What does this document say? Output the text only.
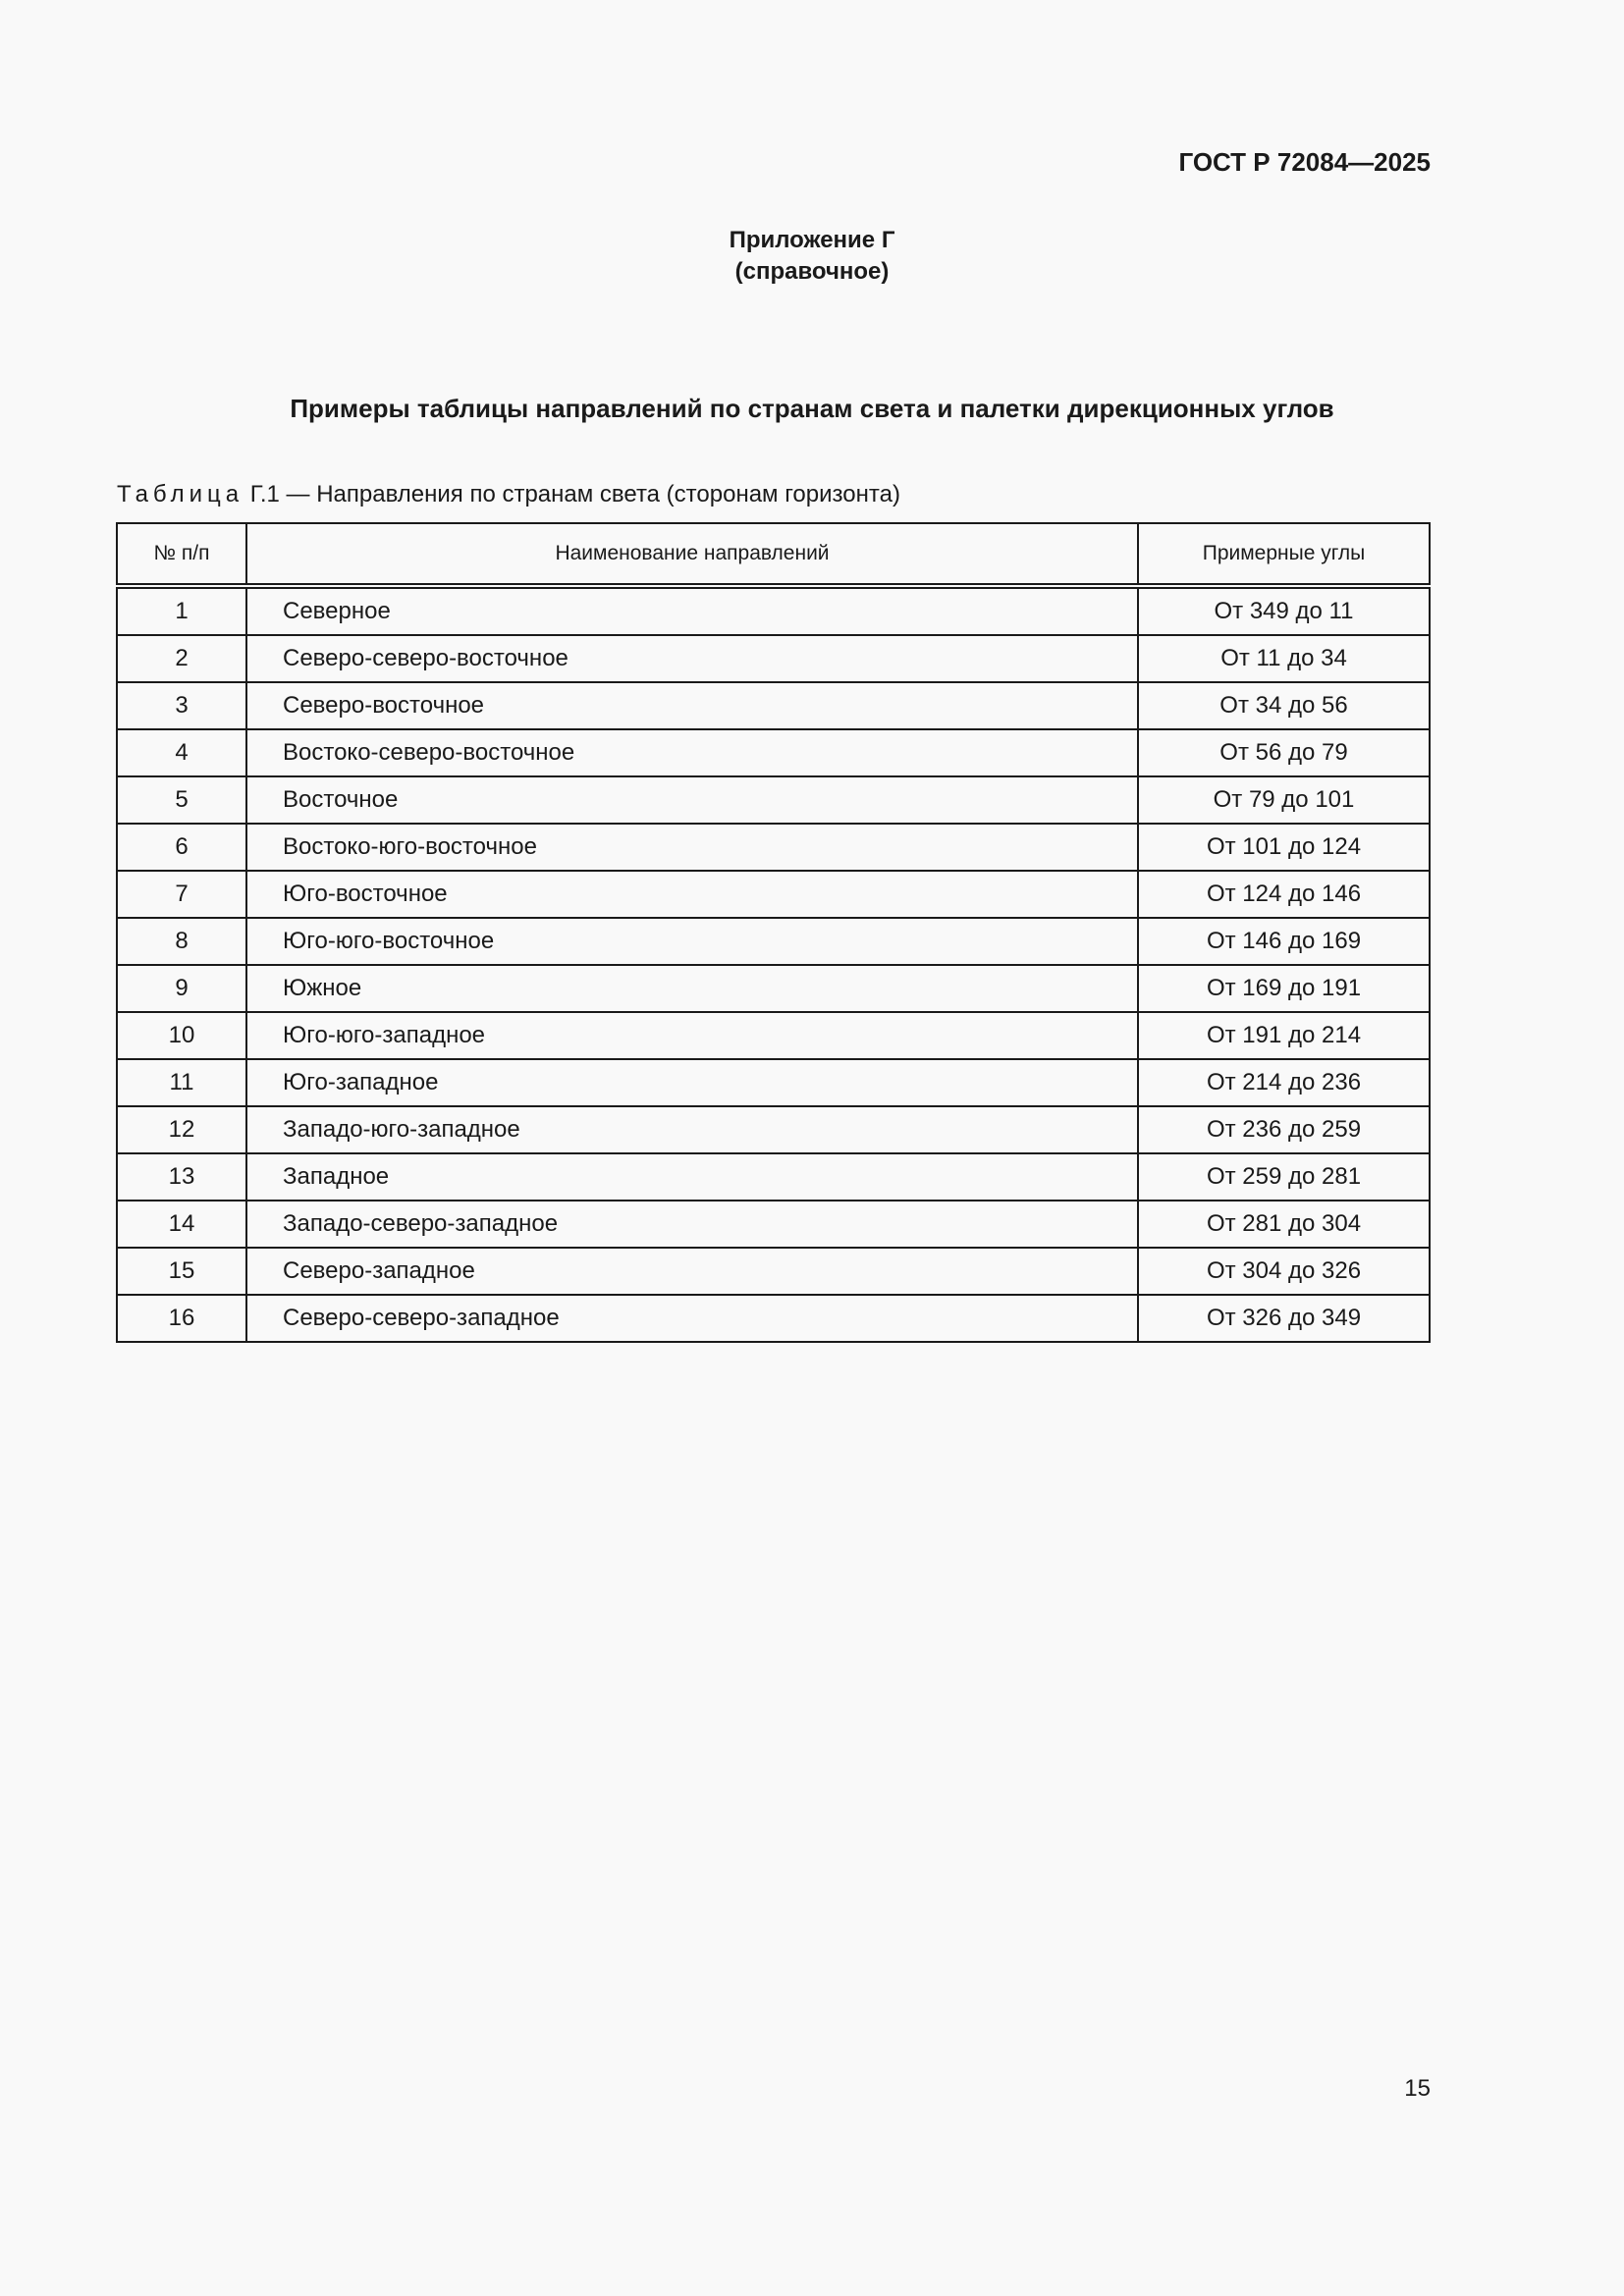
ГОСТ Р 72084—2025

Приложение Г

(справочное)

Примеры таблицы направлений по странам света и палетки дирекционных углов

Таблица Г.1 — Направления по странам света (сторонам горизонта)

№ п/п	Наименование направлений	Примерные углы
1	Северное	От 349 до 11
2	Северо-северо-восточное	От 11 до 34
3	Северо-восточное	От 34 до 56
4	Востоко-северо-восточное	От 56 до 79
5	Восточное	От 79 до 101
6	Востоко-юго-восточное	От 101 до 124
7	Юго-восточное	От 124 до 146
8	Юго-юго-восточное	От 146 до 169
9	Южное	От 169 до 191
10	Юго-юго-западное	От 191 до 214
11	Юго-западное	От 214 до 236
12	Западо-юго-западное	От 236 до 259
13	Западное	От 259 до 281
14	Западо-северо-западное	От 281 до 304
15	Северо-западное	От 304 до 326
16	Северо-северо-западное	От 326 до 349

15
